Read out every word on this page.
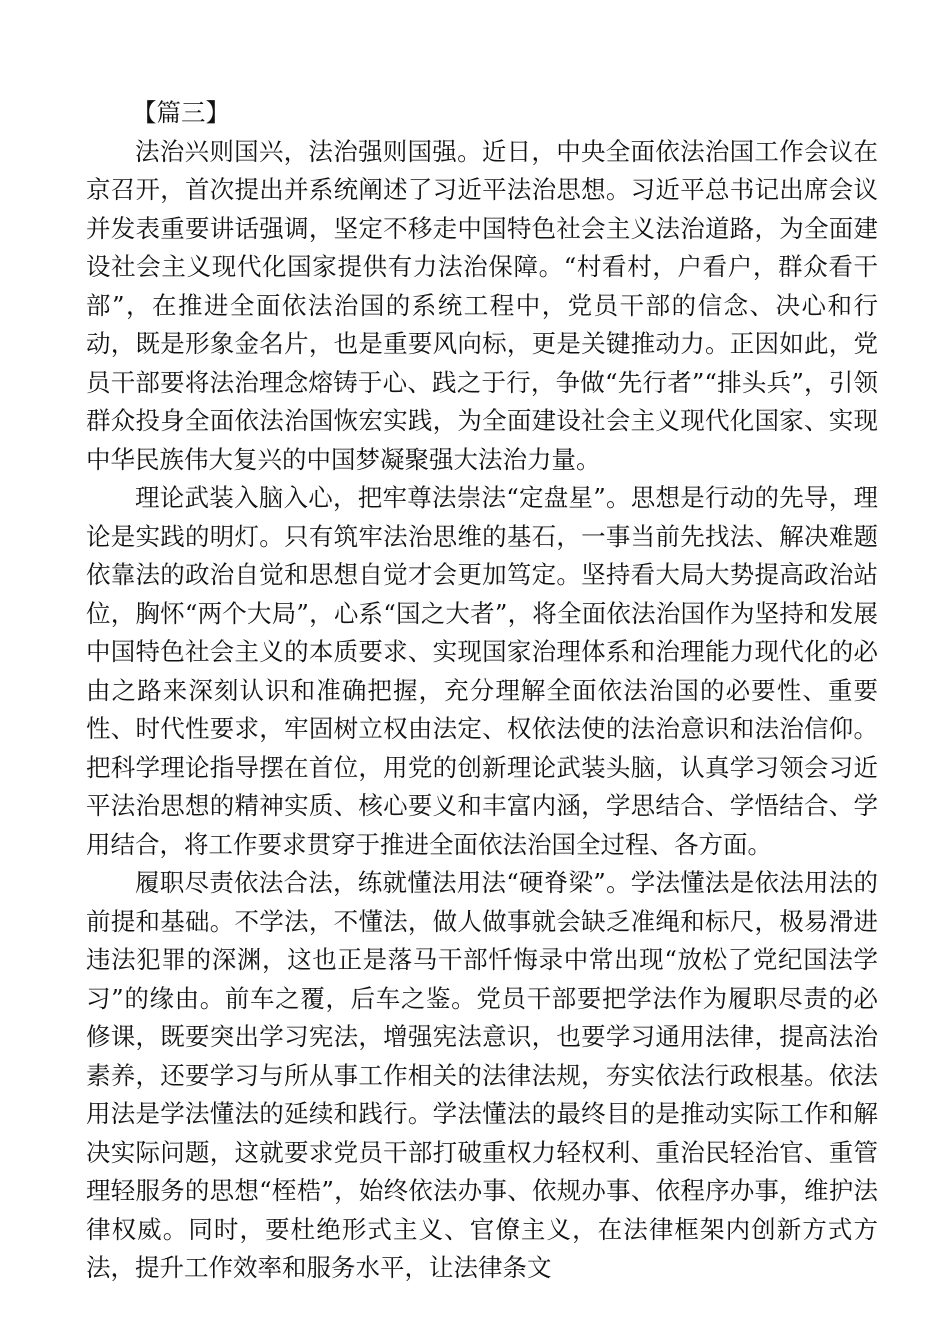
【篇三】

法治兴则国兴，法治强则国强。近日，中央全面依法治国工作会议在京召开，首次提出并系统阐述了习近平法治思想。习近平总书记出席会议并发表重要讲话强调，坚定不移走中国特色社会主义法治道路，为全面建设社会主义现代化国家提供有力法治保障。“村看村，户看户，群众看干部”，在推进全面依法治国的系统工程中，党员干部的信念、决心和行动，既是形象金名片，也是重要风向标，更是关键推动力。正因如此，党员干部要将法治理念熔铸于心、践之于行，争做“先行者”“排头兵”，引领群众投身全面依法治国恢宏实践，为全面建设社会主义现代化国家、实现中华民族伟大复兴的中国梦凝聚强大法治力量。

理论武装入脑入心，把牢尊法崇法“定盘星”。思想是行动的先导，理论是实践的明灯。只有筑牢法治思维的基石，一事当前先找法、解决难题依靠法的政治自觉和思想自觉才会更加笃定。坚持看大局大势提高政治站位，胸怀“两个大局”，心系“国之大者”，将全面依法治国作为坚持和发展中国特色社会主义的本质要求、实现国家治理体系和治理能力现代化的必由之路来深刻认识和准确把握，充分理解全面依法治国的必要性、重要性、时代性要求，牢固树立权由法定、权依法使的法治意识和法治信仰。把科学理论指导摆在首位，用党的创新理论武装头脑，认真学习领会习近平法治思想的精神实质、核心要义和丰富内涵，学思结合、学悟结合、学用结合，将工作要求贯穿于推进全面依法治国全过程、各方面。

履职尽责依法合法，练就懂法用法“硬脊梁”。学法懂法是依法用法的前提和基础。不学法，不懂法，做人做事就会缺乏准绳和标尺，极易滑进违法犯罪的深渊，这也正是落马干部忏悔录中常出现“放松了党纪国法学习”的缘由。前车之覆，后车之鉴。党员干部要把学法作为履职尽责的必修课，既要突出学习宪法，增强宪法意识，也要学习通用法律，提高法治素养，还要学习与所从事工作相关的法律法规，夯实依法行政根基。依法用法是学法懂法的延续和践行。学法懂法的最终目的是推动实际工作和解决实际问题，这就要求党员干部打破重权力轻权利、重治民轻治官、重管理轻服务的思想“桎梏”，始终依法办事、依规办事、依程序办事，维护法律权威。同时，要杜绝形式主义、官僚主义，在法律框架内创新方式方法，提升工作效率和服务水平，让法律条文
